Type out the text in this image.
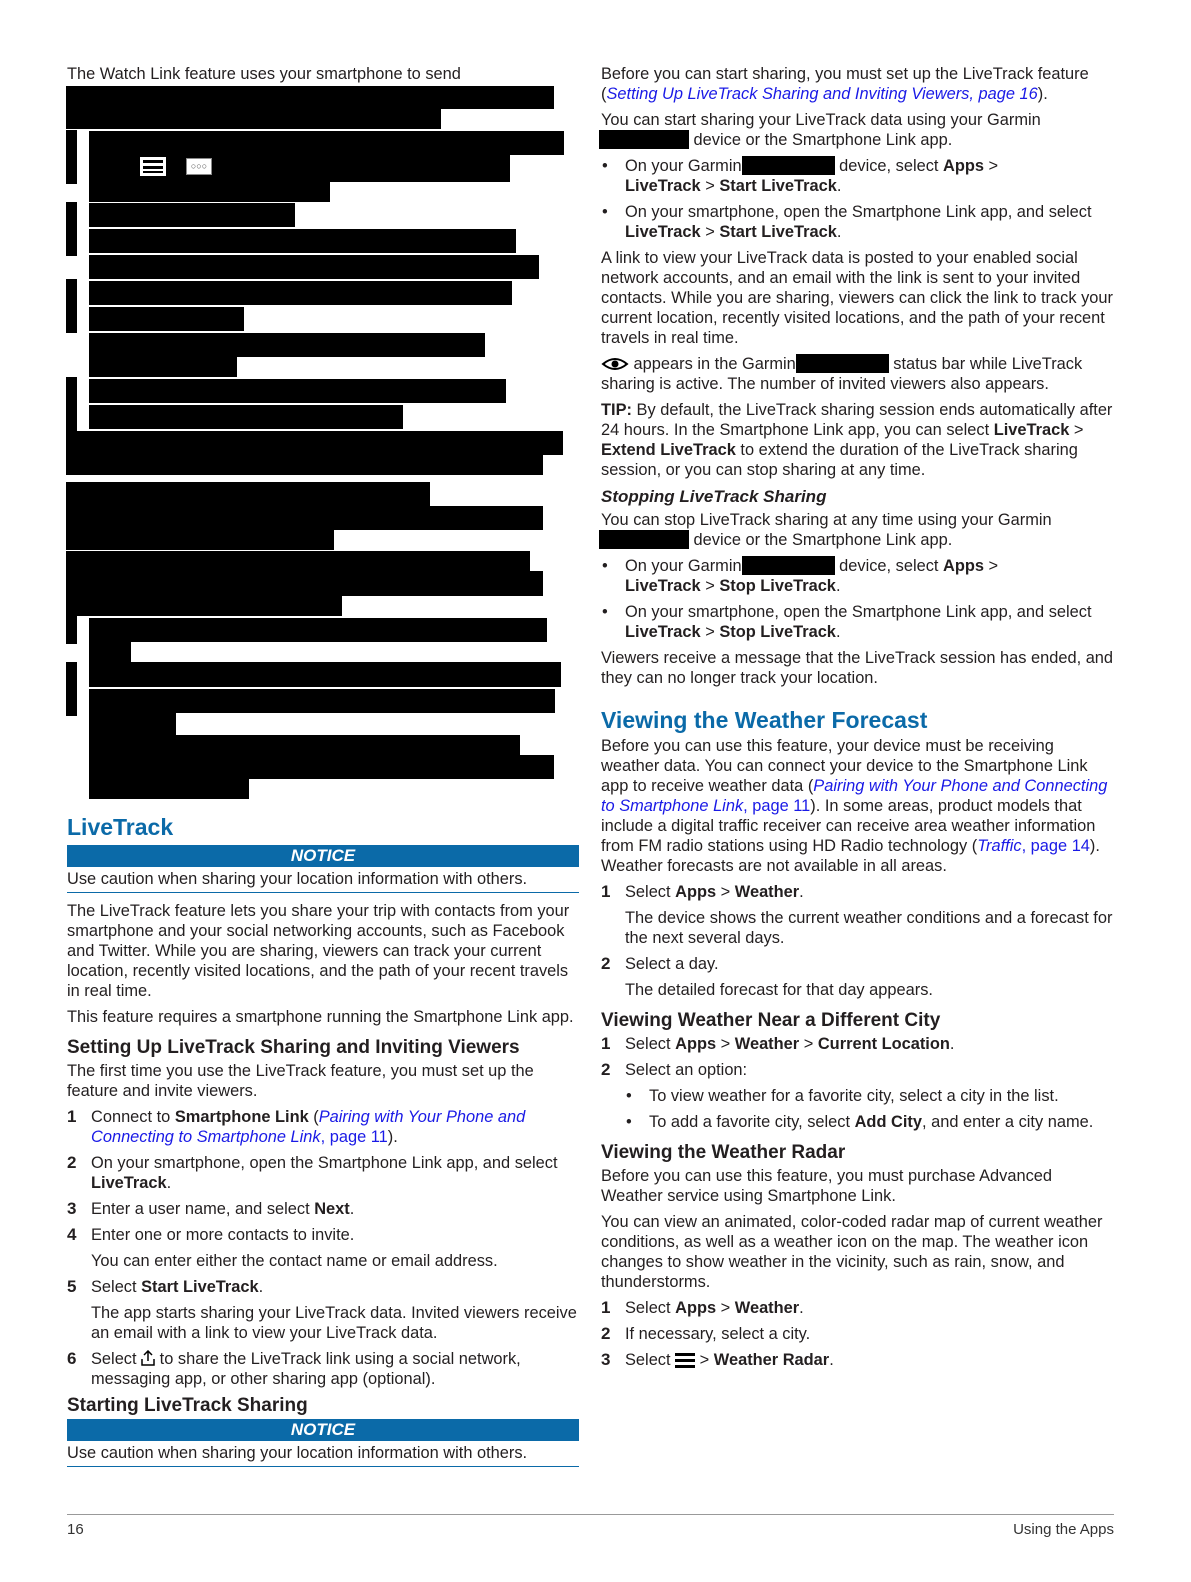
The Watch Link feature uses your smartphone to send

○○○
LiveTrack
NOTICE
Use caution when sharing your location information with others.

The LiveTrack feature lets you share your trip with contacts from your smartphone and your social networking accounts, such as Facebook and Twitter. While you are sharing, viewers can track your current location, recently visited locations, and the path of your recent travels in real time.

This feature requires a smartphone running the Smartphone Link app.

Setting Up LiveTrack Sharing and Inviting Viewers

The first time you use the LiveTrack feature, you must set up the feature and invite viewers.

1 Connect to Smartphone Link (Pairing with Your Phone and Connecting to Smartphone Link, page 11).
2 On your smartphone, open the Smartphone Link app, and select LiveTrack.
3 Enter a user name, and select Next.
4 Enter one or more contacts to invite.
You can enter either the contact name or email address.
5 Select Start LiveTrack.
The app starts sharing your LiveTrack data. Invited viewers receive an email with a link to view your LiveTrack data.
6 Select  to share the LiveTrack link using a social network, messaging app, or other sharing app (optional).
Starting LiveTrack Sharing
NOTICE
Use caution when sharing your location information with others.

Before you can start sharing, you must set up the LiveTrack feature (Setting Up LiveTrack Sharing and Inviting Viewers, page 16).

You can start sharing your LiveTrack data using your Garmin
device or the Smartphone Link app.

• On your Garmin	device, select Apps >
LiveTrack > Start LiveTrack.
• On your smartphone, open the Smartphone Link app, and select LiveTrack > Start LiveTrack.

A link to view your LiveTrack data is posted to your enabled social network accounts, and an email with the link is sent to your invited contacts. While you are sharing, viewers can click the link to track your current location, recently visited locations, and the path of your recent travels in real time.

appears in the Garmin	status bar while LiveTrack sharing is active. The number of invited viewers also appears.

TIP: By default, the LiveTrack sharing session ends automatically after 24 hours. In the Smartphone Link app, you can select LiveTrack > Extend LiveTrack to extend the duration of the LiveTrack sharing session, or you can stop sharing at any time.

Stopping LiveTrack Sharing

You can stop LiveTrack sharing at any time using your Garmin
device or the Smartphone Link app.

• On your Garmin	device, select Apps >
LiveTrack > Stop LiveTrack.
• On your smartphone, open the Smartphone Link app, and select LiveTrack > Stop LiveTrack.

Viewers receive a message that the LiveTrack session has ended, and they can no longer track your location.

Viewing the Weather Forecast

Before you can use this feature, your device must be receiving weather data. You can connect your device to the Smartphone Link app to receive weather data (Pairing with Your Phone and Connecting to Smartphone Link, page 11). In some areas, product models that include a digital traffic receiver can receive area weather information from FM radio stations using HD Radio technology (Traffic, page 14). Weather forecasts are not available in all areas.

1 Select Apps > Weather.
The device shows the current weather conditions and a forecast for the next several days.
2 Select a day.
The detailed forecast for that day appears.
Viewing Weather Near a Different City
1 Select Apps > Weather > Current Location.
2 Select an option:
• To view weather for a favorite city, select a city in the list.
• To add a favorite city, select Add City, and enter a city name.
Viewing the Weather Radar

Before you can use this feature, you must purchase Advanced Weather service using Smartphone Link.

You can view an animated, color-coded radar map of current weather conditions, as well as a weather icon on the map. The weather icon changes to show weather in the vicinity, such as rain, snow, and thunderstorms.

1 Select Apps > Weather.
2 If necessary, select a city.
3 Select
> Weather Radar.
16	Using the Apps
